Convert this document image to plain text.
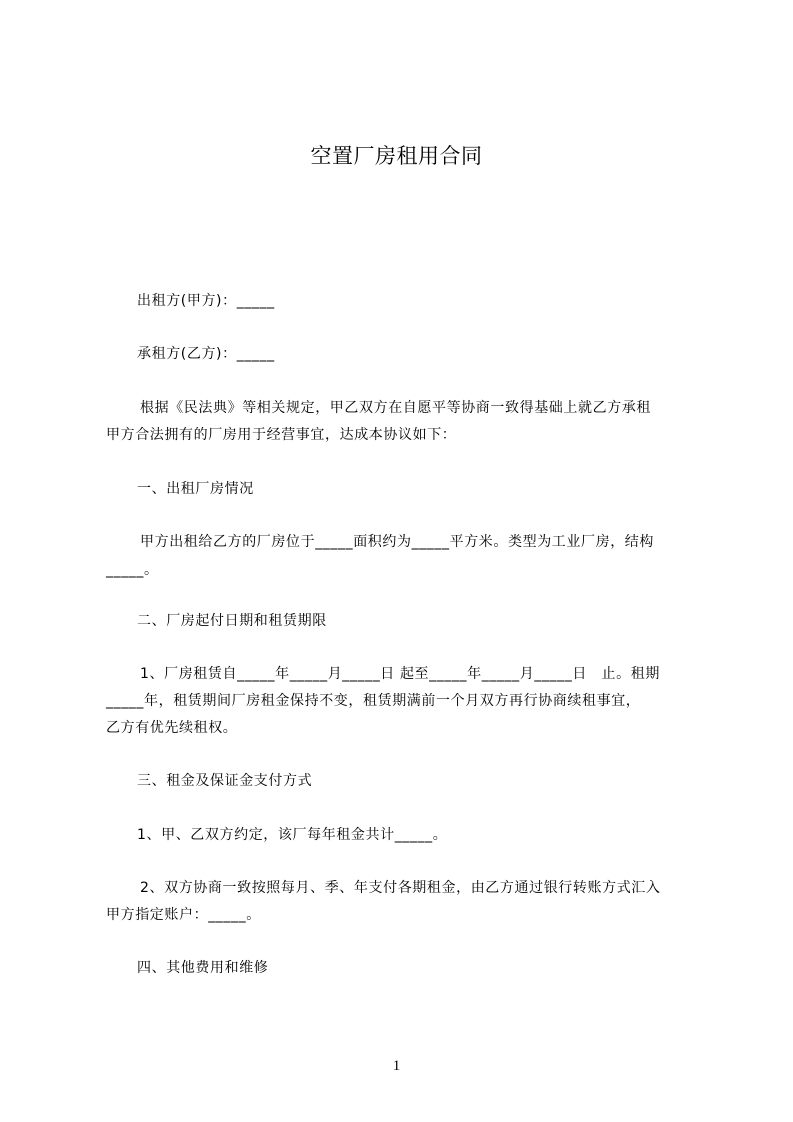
空置厂房租用合同
出租方(甲方)：_____
承租方(乙方)：_____
根据《民法典》等相关规定，甲乙双方在自愿平等协商一致得基础上就乙方承租
甲方合法拥有的厂房用于经营事宜，达成本协议如下：
一、出租厂房情况
甲方出租给乙方的厂房位于_____面积约为_____平方米。类型为工业厂房，结构
_____。
二、厂房起付日期和租赁期限
1、厂房租赁自_____年_____月_____日 起至_____年_____月_____日　止。租期
_____年，租赁期间厂房租金保持不变，租赁期满前一个月双方再行协商续租事宜，
乙方有优先续租权。
三、租金及保证金支付方式
1、甲、乙双方约定，该厂每年租金共计_____。
2、双方协商一致按照每月、季、年支付各期租金，由乙方通过银行转账方式汇入
甲方指定账户：_____。
四、其他费用和维修
1
